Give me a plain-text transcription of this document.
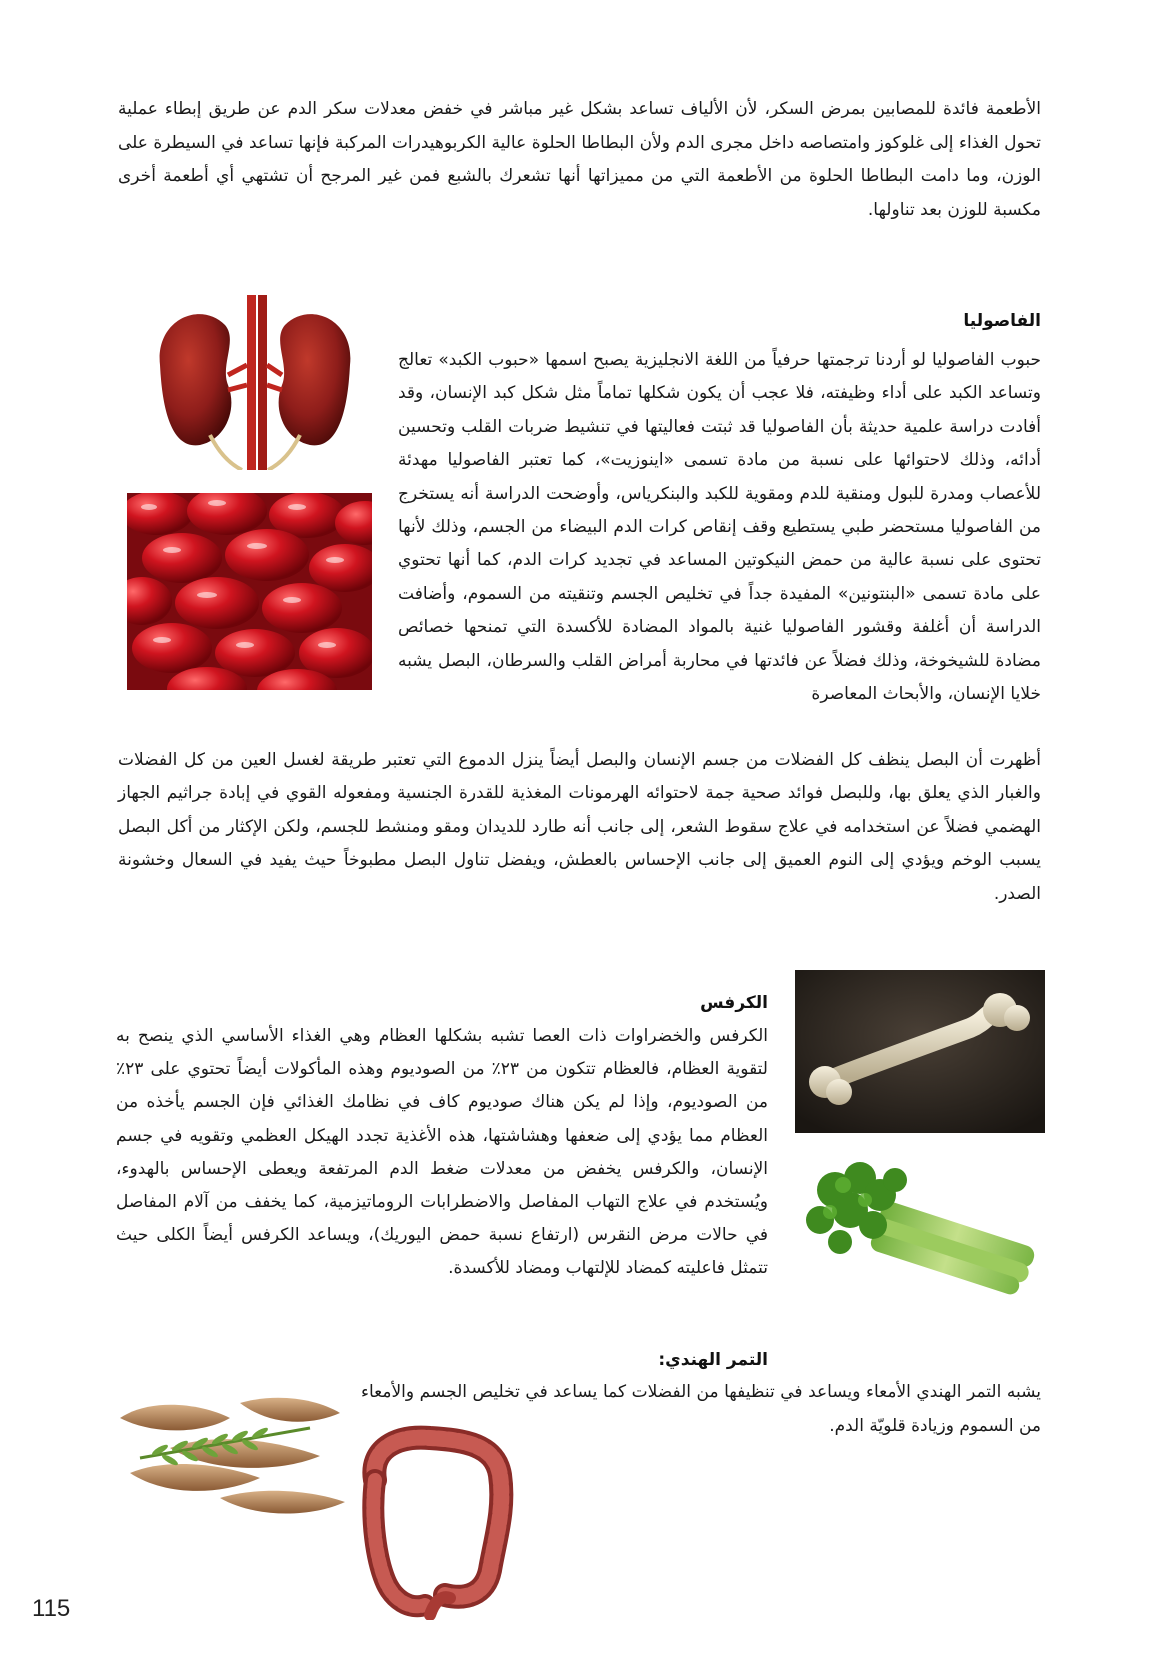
الأطعمة فائدة للمصابين بمرض السكر، لأن الألياف تساعد بشكل غير مباشر في خفض معدلات سكر الدم عن طريق إبطاء عملية تحول الغذاء إلى غلوكوز وامتصاصه داخل مجرى الدم ولأن البطاطا الحلوة عالية الكربوهيدرات المركبة فإنها تساعد في السيطرة على الوزن، وما دامت البطاطا الحلوة من الأطعمة التي من مميزاتها أنها تشعرك بالشبع فمن غير المرجح أن تشتهي أي أطعمة أخرى مكسبة للوزن بعد تناولها.

الفاصوليا

حبوب الفاصوليا لو أردنا ترجمتها حرفياً من اللغة الانجليزية يصبح اسمها «حبوب الكبد» تعالج وتساعد الكبد على أداء وظيفته، فلا عجب أن يكون شكلها تماماً مثل شكل كبد الإنسان، وقد أفادت دراسة علمية حديثة بأن الفاصوليا قد ثبتت فعاليتها في تنشيط ضربات القلب وتحسين أدائه، وذلك لاحتوائها على نسبة من مادة تسمى «اينوزيت»، كما تعتبر الفاصوليا مهدئة للأعصاب ومدرة للبول ومنقية للدم ومقوية للكبد والبنكرياس، وأوضحت الدراسة أنه يستخرج من الفاصوليا مستحضر طبي يستطيع وقف إنقاص كرات الدم البيضاء من الجسم، وذلك لأنها تحتوى على نسبة عالية من حمض النيكوتين المساعد في تجديد كرات الدم، كما أنها تحتوي على مادة تسمى «البنتونين» المفيدة جداً في تخليص الجسم وتنقيته من السموم، وأضافت الدراسة أن أغلفة وقشور الفاصوليا غنية بالمواد المضادة للأكسدة التي تمنحها خصائص مضادة للشيخوخة، وذلك فضلاً عن فائدتها في محاربة أمراض القلب والسرطان، البصل يشبه خلايا الإنسان، والأبحاث المعاصرة

أظهرت أن البصل ينظف كل الفضلات من جسم الإنسان والبصل أيضاً ينزل الدموع التي تعتبر طريقة لغسل العين من كل الفضلات والغبار الذي يعلق بها، وللبصل فوائد صحية جمة لاحتوائه الهرمونات المغذية للقدرة الجنسية ومفعوله القوي في إبادة جراثيم الجهاز الهضمي فضلاً عن استخدامه في علاج سقوط الشعر، إلى جانب أنه طارد للديدان ومقو ومنشط للجسم، ولكن الإكثار من أكل البصل يسبب الوخم ويؤدي إلى النوم العميق إلى جانب الإحساس بالعطش، ويفضل تناول البصل مطبوخاً حيث يفيد في السعال وخشونة الصدر.

الكرفس

الكرفس والخضراوات ذات العصا تشبه بشكلها العظام وهي الغذاء الأساسي الذي ينصح به لتقوية العظام، فالعظام تتكون من ٢٣٪ من الصوديوم وهذه المأكولات أيضاً تحتوي على ٢٣٪ من الصوديوم، وإذا لم يكن هناك صوديوم كاف في نظامك الغذائي فإن الجسم يأخذه من العظام مما يؤدي إلى ضعفها وهشاشتها، هذه الأغذية تجدد الهيكل العظمي وتقويه في جسم الإنسان، والكرفس يخفض من معدلات ضغط الدم المرتفعة ويعطى الإحساس بالهدوء، ويُستخدم في علاج التهاب المفاصل والاضطرابات الروماتيزمية، كما يخفف من آلام المفاصل في حالات مرض النقرس (ارتفاع نسبة حمض اليوريك)، ويساعد الكرفس أيضاً الكلى حيث تتمثل فاعليته كمضاد للإلتهاب ومضاد للأكسدة.

التمر الهندي:

يشبه التمر الهندي الأمعاء ويساعد في تنظيفها من الفضلات كما يساعد في تخليص الجسم والأمعاء من السموم وزيادة قلويّة الدم.

115
